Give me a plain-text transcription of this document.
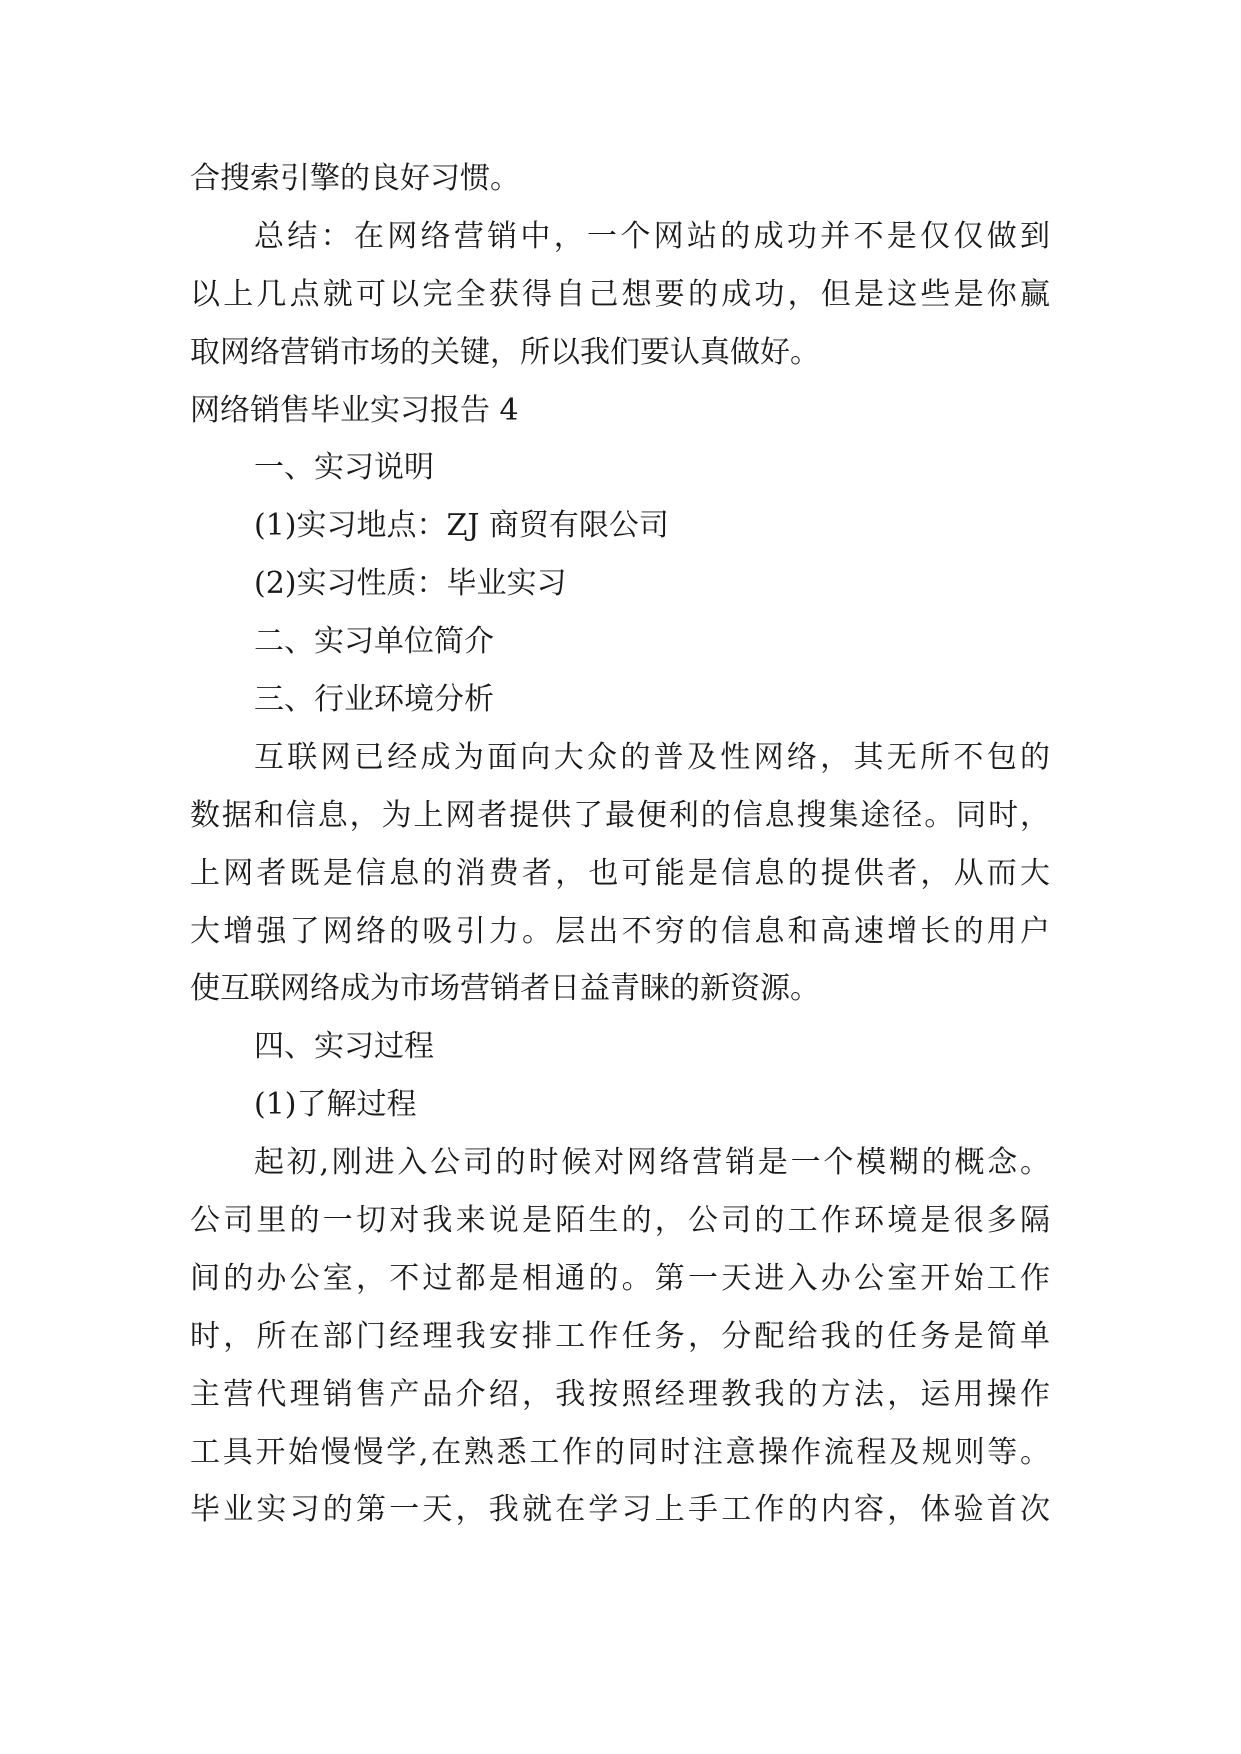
合搜索引擎的良好习惯。
总结：在网络营销中，一个网站的成功并不是仅仅做到
以上几点就可以完全获得自己想要的成功，但是这些是你赢
取网络营销市场的关键，所以我们要认真做好。
网络销售毕业实习报告 4
一、实习说明
(1)实习地点：ZJ 商贸有限公司
(2)实习性质：毕业实习
二、实习单位简介
三、行业环境分析
互联网已经成为面向大众的普及性网络，其无所不包的
数据和信息，为上网者提供了最便利的信息搜集途径。同时，
上网者既是信息的消费者，也可能是信息的提供者，从而大
大增强了网络的吸引力。层出不穷的信息和高速增长的用户
使互联网络成为市场营销者日益青睐的新资源。
四、实习过程
(1)了解过程
起初,刚进入公司的时候对网络营销是一个模糊的概念。
公司里的一切对我来说是陌生的，公司的工作环境是很多隔
间的办公室，不过都是相通的。第一天进入办公室开始工作
时，所在部门经理我安排工作任务，分配给我的任务是简单
主营代理销售产品介绍，我按照经理教我的方法，运用操作
工具开始慢慢学,在熟悉工作的同时注意操作流程及规则等。
毕业实习的第一天，我就在学习上手工作的内容，体验首次
